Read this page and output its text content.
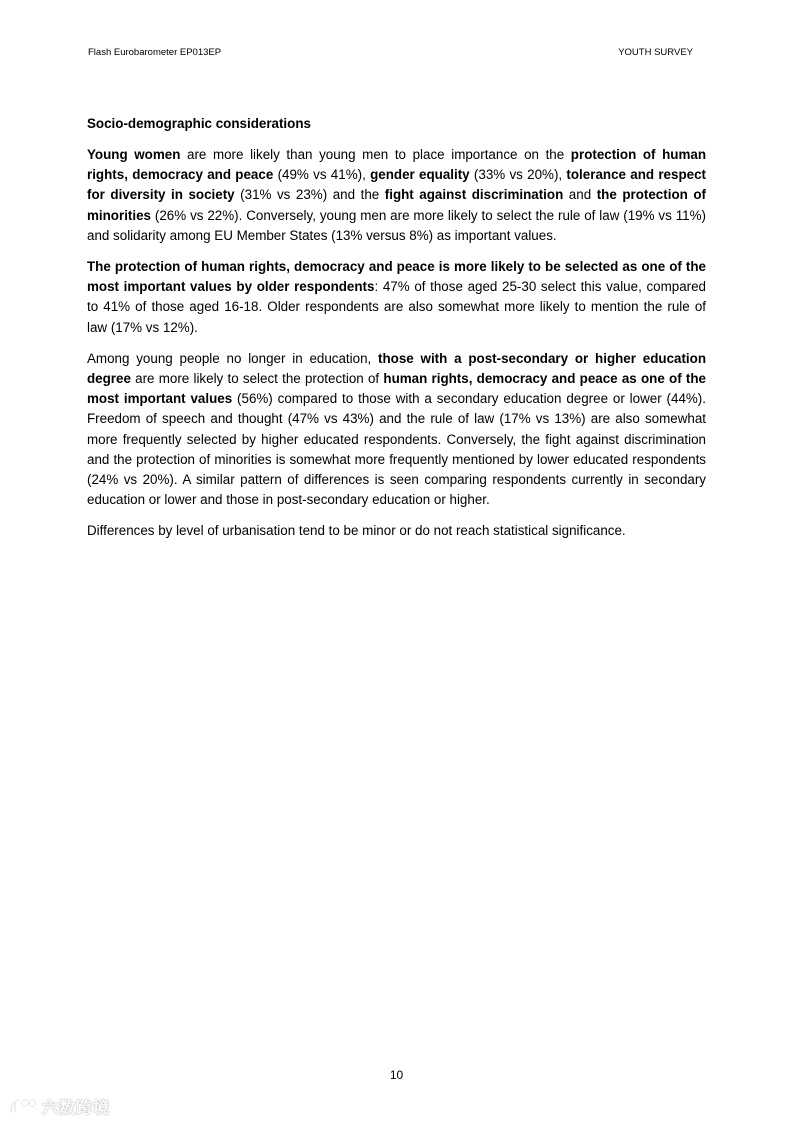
Flash Eurobarometer EP013EP	YOUTH SURVEY
Socio-demographic considerations

Young women are more likely than young men to place importance on the protection of human rights, democracy and peace (49% vs 41%), gender equality (33% vs 20%), tolerance and respect for diversity in society (31% vs 23%) and the fight against discrimination and the protection of minorities (26% vs 22%). Conversely, young men are more likely to select the rule of law (19% vs 11%) and solidarity among EU Member States (13% versus 8%) as important values.

The protection of human rights, democracy and peace is more likely to be selected as one of the most important values by older respondents: 47% of those aged 25-30 select this value, compared to 41% of those aged 16-18. Older respondents are also somewhat more likely to mention the rule of law (17% vs 12%).

Among young people no longer in education, those with a post-secondary or higher education degree are more likely to select the protection of human rights, democracy and peace as one of the most important values (56%) compared to those with a secondary education degree or lower (44%). Freedom of speech and thought (47% vs 43%) and the rule of law (17% vs 13%) are also somewhat more frequently selected by higher educated respondents. Conversely, the fight against discrimination and the protection of minorities is somewhat more frequently mentioned by lower educated respondents (24% vs 20%). A similar pattern of differences is seen comparing respondents currently in secondary education or lower and those in post-secondary education or higher.

Differences by level of urbanisation tend to be minor or do not reach statistical significance.

10
六数跨境
